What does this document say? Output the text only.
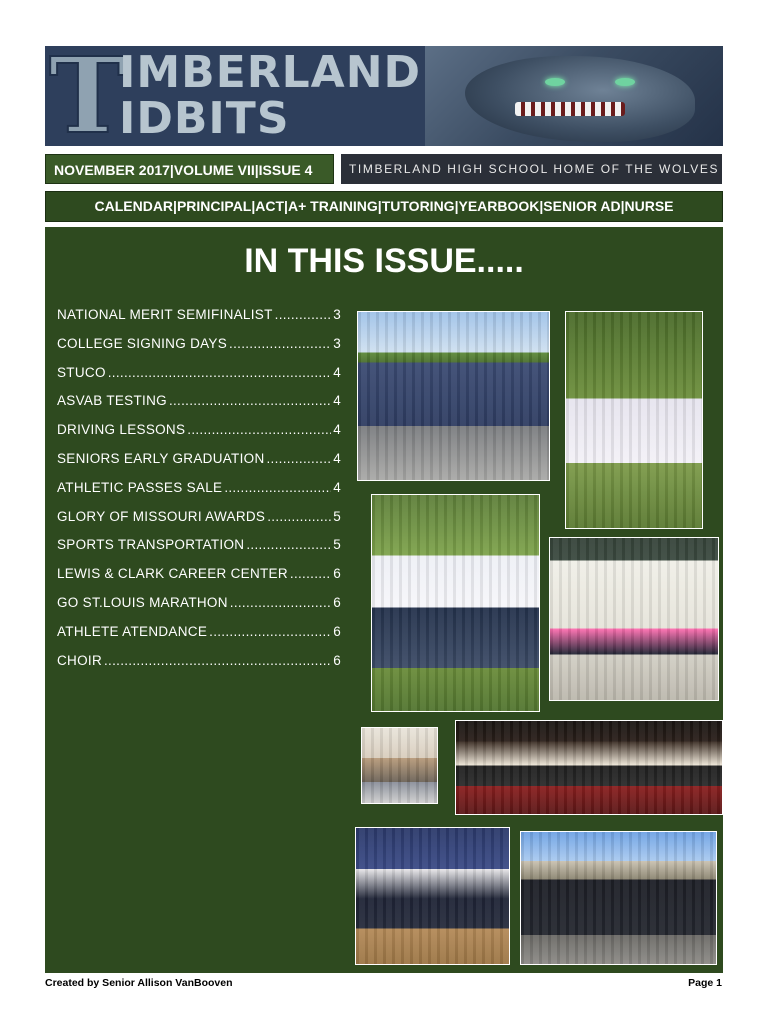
T
IMBERLAND
IDBITS
NOVEMBER 2017|VOLUME VII|ISSUE 4	TIMBERLAND HIGH SCHOOL HOME OF THE WOLVES
CALENDAR|PRINCIPAL|ACT|A+ TRAINING|TUTORING|YEARBOOK|SENIOR AD|NURSE
IN THIS ISSUE.....
NATIONAL MERIT SEMIFINALIST .....	3
COLLEGE SIGNING DAYS .....	3
STUCO .....	4
ASVAB TESTING .....	4
DRIVING LESSONS .....	4
SENIORS EARLY GRADUATION .....	4
ATHLETIC PASSES SALE .....	4
GLORY OF MISSOURI AWARDS .....	5
SPORTS TRANSPORTATION .....	5
LEWIS & CLARK CAREER CENTER .....	6
GO ST.LOUIS MARATHON .....	6
ATHLETE ATENDANCE .....	6
CHOIR .....	6
Created by Senior Allison VanBooven	Page 1
